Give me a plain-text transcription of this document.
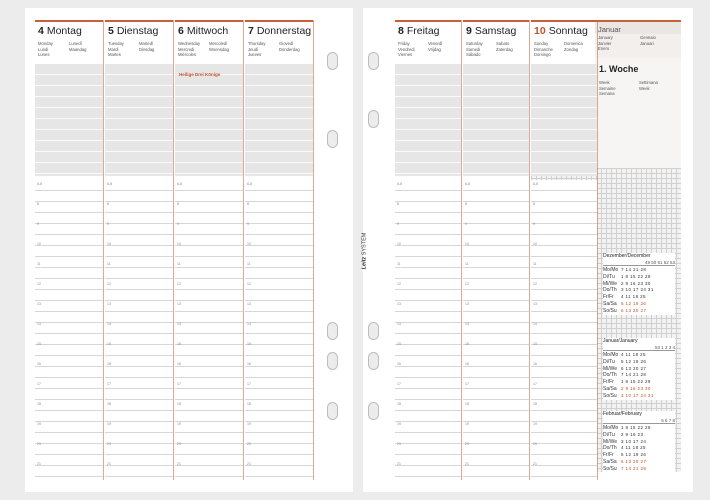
4 Montag
Monday
Lundi
Lunes
Lunedì
Maandag
6-8
8
9
10
11
12
13
14
15
16
17
18
19
20
21
5 Dienstag
Tuesday
Mardi
Martes
Martedì
Dinsdag
6-8
8
9
10
11
12
13
14
15
16
17
18
19
20
21
6 Mittwoch
Wednesday
Mercredi
Miércoles
Mercoledì
Woensdag
6-8
8
9
10
11
12
13
14
15
16
17
18
19
20
21
Heilige Drei Könige
7 Donnerstag
Thursday
Jeudi
Jueves
Giovedì
Donderdag
6-8
8
9
10
11
12
13
14
15
16
17
18
19
20
21
Januar
January
Janvier
Enero
Gennaio
Januari
1. Woche
Week
Semaine
Semana
Settimana
Week
Leitz SYSTEM
8 Freitag
Friday
Vendredi
Viernes
Venerdì
Vrijdag
6-8
8
9
10
11
12
13
14
15
16
17
18
19
20
21
9 Samstag
Saturday
Samedi
Sábado
Sabato
Zaterdag
6-8
8
9
10
11
12
13
14
15
16
17
18
19
20
21
10 Sonntag
Sunday
Dimanche
Domingo
Domenica
Zondag
6-8
8
9
10
11
12
13
14
15
16
17
18
19
20
21
Dezember/December
49 50 51 52 53
Mo/Mo 7 14 21 28
Di/Tu	1 8 15 22 29
Mi/We 2 9 16 23 30
Do/Th 3 10 17 24 31
Fr/Fr	4 11 18 25
Sa/Sa 5 12 19 26
So/Su 6 13 20 27
Januar/January
53 1 2 3 4
Mo/Mo 4 11 18 25
Di/Tu	5 12 19 26
Mi/We 6 13 20 27
Do/Th 7 14 21 28
Fr/Fr	1 8 15 22 29
Sa/Sa 2 9 16 23 30
So/Su 3 10 17 24 31
Februar/February
5 6 7 8
Mo/Mo 1 8 15 22 29
Di/Tu	2 9 16 23
Mi/We 3 10 17 24
Do/Th 4 11 18 25
Fr/Fr	5 12 19 26
Sa/Sa 6 13 20 27
So/Su 7 14 21 28
